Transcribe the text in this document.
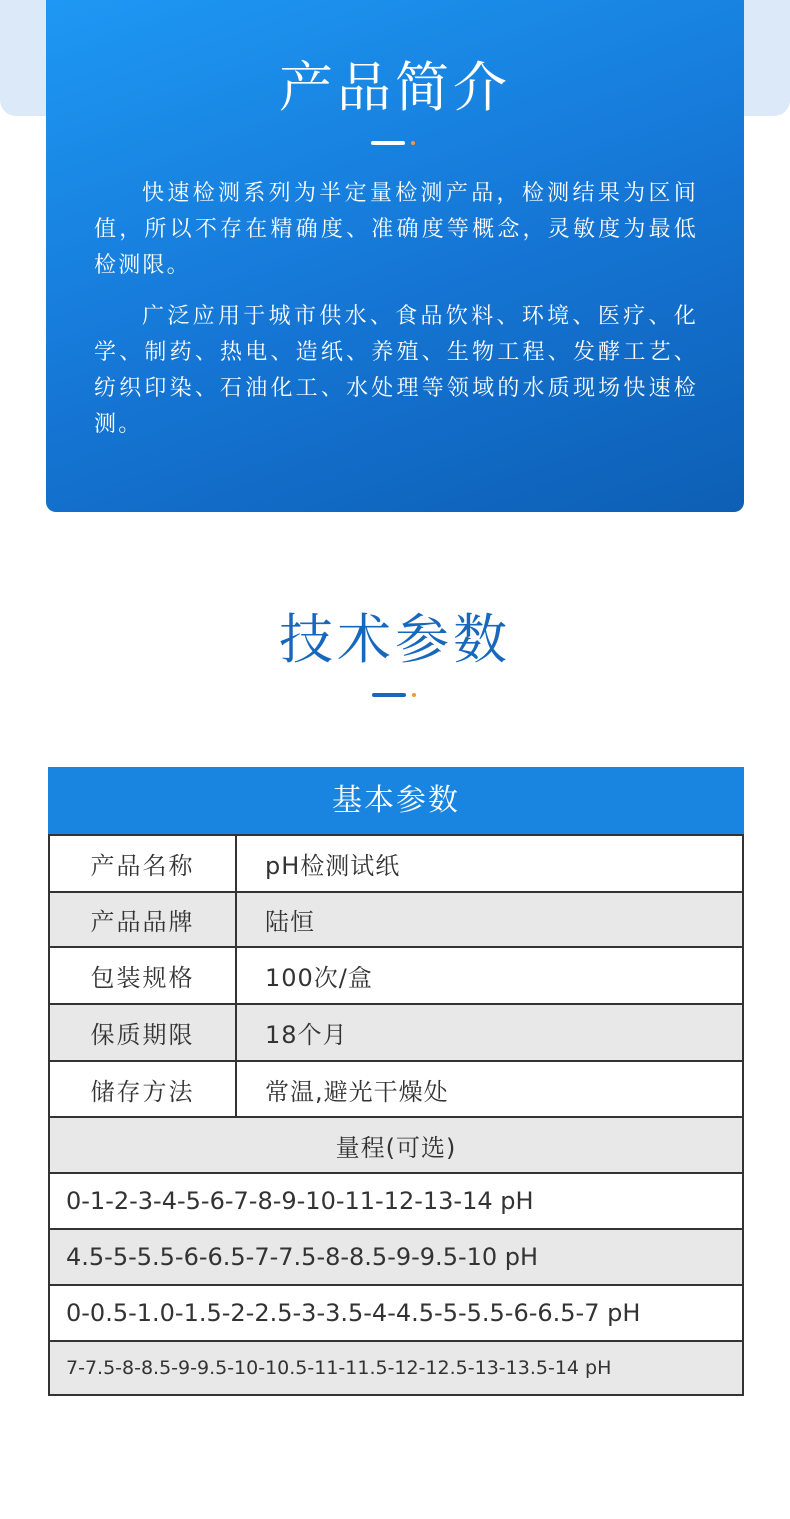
产品简介

快速检测系列为半定量检测产品，检测结果为区间值，所以不存在精确度、准确度等概念，灵敏度为最低检测限。

广泛应用于城市供水、食品饮料、环境、医疗、化学、制药、热电、造纸、养殖、生物工程、发酵工艺、纺织印染、石油化工、水处理等领域的水质现场快速检测。

技术参数
基本参数
产品名称	pH检测试纸
产品品牌	陆恒
包装规格	100次/盒
保质期限	18个月
储存方法	常温,避光干燥处
量程(可选)
0-1-2-3-4-5-6-7-8-9-10-11-12-13-14 pH
4.5-5-5.5-6-6.5-7-7.5-8-8.5-9-9.5-10 pH
0-0.5-1.0-1.5-2-2.5-3-3.5-4-4.5-5-5.5-6-6.5-7 pH
7-7.5-8-8.5-9-9.5-10-10.5-11-11.5-12-12.5-13-13.5-14 pH
